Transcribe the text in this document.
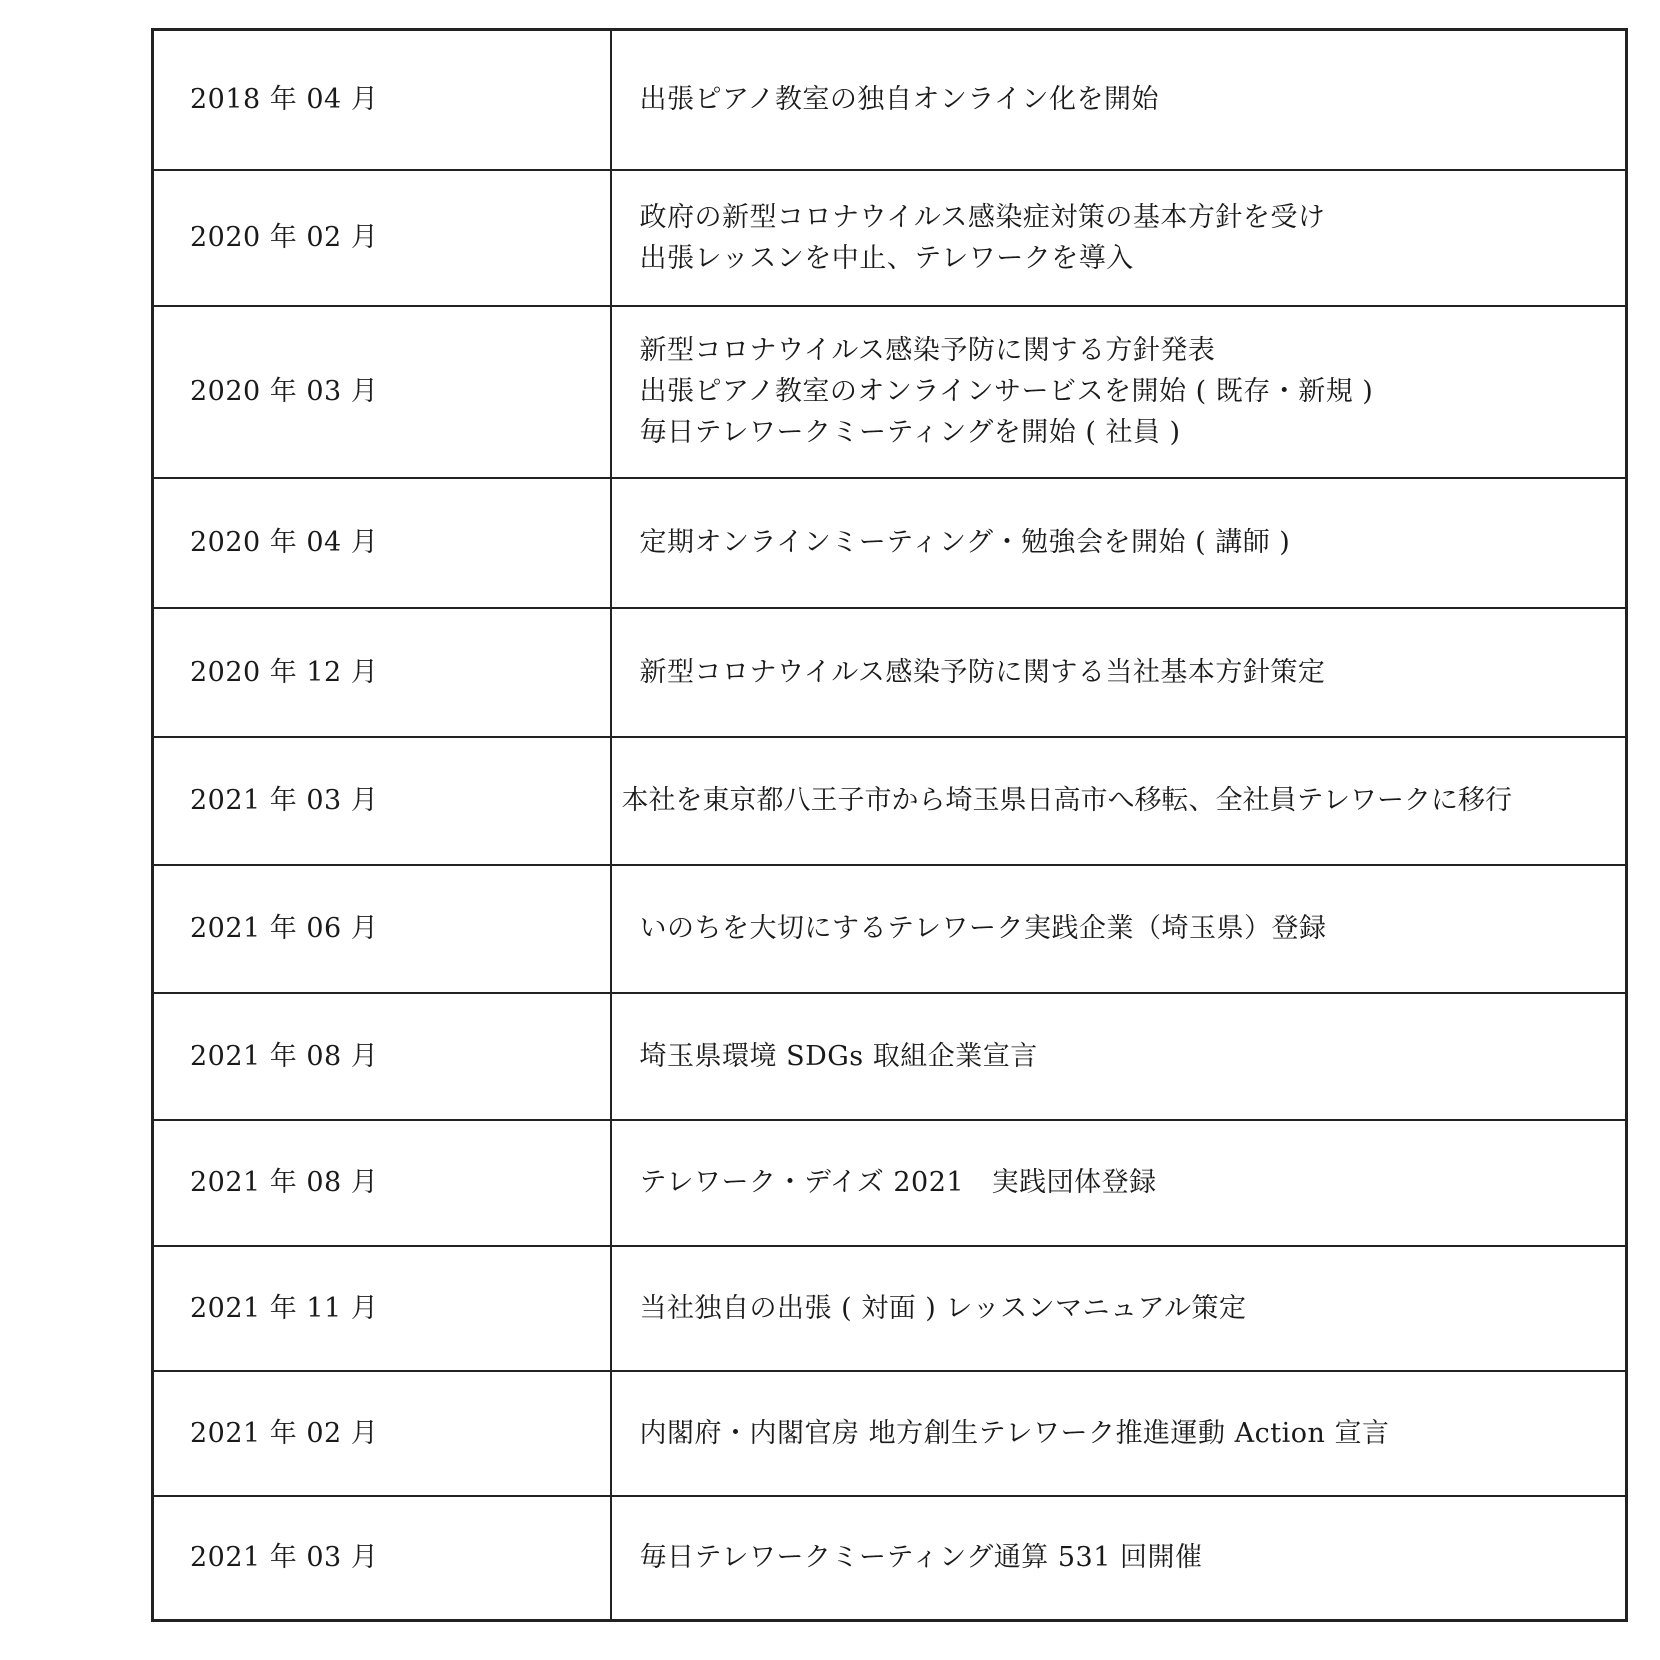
2018 年 04 月	出張ピアノ教室の独自オンライン化を開始

2020 年 02 月	政府の新型コロナウイルス感染症対策の基本方針を受け
出張レッスンを中止、テレワークを導入

2020 年 03 月	新型コロナウイルス感染予防に関する方針発表
出張ピアノ教室のオンラインサービスを開始 ( 既存・新規 )
毎日テレワークミーティングを開始 ( 社員 )

2020 年 04 月	定期オンラインミーティング・勉強会を開始 ( 講師 )

2020 年 12 月	新型コロナウイルス感染予防に関する当社基本方針策定

2021 年 03 月	本社を東京都八王子市から埼玉県日高市へ移転、全社員テレワークに移行

2021 年 06 月	いのちを大切にするテレワーク実践企業（埼玉県）登録

2021 年 08 月	埼玉県環境 SDGs 取組企業宣言

2021 年 08 月	テレワーク・デイズ 2021　実践団体登録

2021 年 11 月	当社独自の出張 ( 対面 ) レッスンマニュアル策定

2021 年 02 月	内閣府・内閣官房 地方創生テレワーク推進運動 Action 宣言

2021 年 03 月	毎日テレワークミーティング通算 531 回開催
